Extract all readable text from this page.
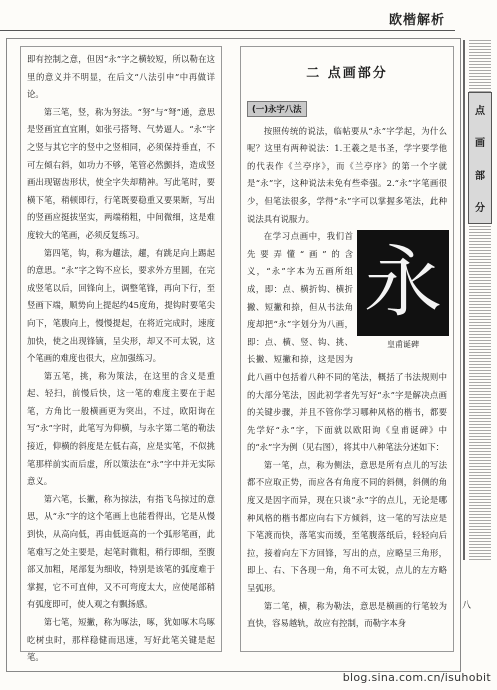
欧楷解析

即有控制之意，但因“永”字之横较短，所以勒在这里的意义并不明显，在后文“八法引申”中再做详论。

第三笔，竖，称为努法。“努”与“弩”通，意思是竖画宜直宜刚，如张弓搭弩、气势逼人。“永”字之竖与其它字的竖中之竖相同，必须保持垂直，不可左倾右斜，如功力不够，笔管必然颤抖，造成竖画出现锯齿形状，使全字失却精神。写此笔时，要横下笔，稍顿即行，行笔既要稳重又要果断，写出的竖画应挺拔坚实，两端稍粗，中间微细，这是难度较大的笔画，必须反复练习。

第四笔，钩，称为趯法，趯，有跳足向上踢起的意思。“永”字之钩不应长，要求外方里圆，在完成竖笔以后，回锋向上，调整笔锋，再向下行，至竖画下端，顺势向上提起约45度角，提钩时要笔尖向下，笔腹向上，慢慢提起，在将近完成时，速度加快，使之出现锋镝，呈尖形，却又不可太锐，这个笔画的难度也很大，应加强练习。

第五笔，挑，称为策法，在这里的含义是重起、轻扫，前慢后快，这一笔的难度主要在于起笔，方角比一般横画更为突出，不过，欧阳询在写“永”字时，此笔写为仰横，与永字第二笔的勒法接近，仰横的斜度是左低右高，应是实笔，不似挑笔那样前实而后虚，所以策法在“永”字中并无实际意义。

第六笔，长撇，称为掠法，有指飞鸟掠过的意思，从“永”字的这个笔画上也能看得出，它是从慢到快，从高向低，再由低返高的一个弧形笔画，此笔难写之处主要是，起笔时微粗，稍行即细，至腹部又加粗，尾部复为细收，特别是该笔的弧度难于掌握，它不可直伸，又不可弯度太大，应使尾部稍有弧度即可，使人观之有飘扬感。

第七笔，短撇，称为啄法，啄，犹如啄木鸟啄吃树虫时，那样稳健而迅速，写好此笔关键是起笔。

二 点画部分
(一)永字八法

按照传统的说法，临帖要从“永”字学起，为什么呢？这里有两种说法：1.王羲之是书圣，学字要学他的代表作《兰亭序》，而《兰亭序》的第一个字就是“永”字，这种说法未免有些牵强。2.“永”字笔画很少，但笔法很多，学得“永”字可以掌握多笔法，此种说法具有说服力。

永
皇甫诞碑

在学习点画中，我们首先要弄懂“画”的含义，“永”字本为五画所组成，即：点、横折钩、横折撇、短撇和捺，但从书法角度却把“永”字划分为八画，即：点、横、竖、钩、挑、长撇、短撇和捺，这是因为此八画中包括着八种不同的笔法，概括了书法规则中的大部分笔法，因此初学者先写好“永”字是解决点画的关键步骤，并且不管你学习哪种风格的楷书，都要先学好“永”字，下面就以欧阳询《皇甫诞碑》中的“永”字为例（见右图），将其中八种笔法分述如下：

第一笔，点，称为侧法，意思是所有点儿的写法都不应取正势，而应各有角度不同的斜侧，斜侧的角度又是因字而异，现在只谈“永”字的点儿，无论是哪种风格的楷书都应向右下方倾斜，这一笔的写法应是下笔渡而快，落笔实而缓，至笔腹落纸后，轻轻向后拉，接着向左下方回锋，写出的点，应略呈三角形，即上、右、下各现一角，角不可太锐，点儿的左方略呈弧形。

第二笔，横，称为勒法，意思是横画的行笔较为直快，容易越轨，故应有控制，而勒字本身

点
画
部
分
八
blog.sina.com.cn/isuhobit
